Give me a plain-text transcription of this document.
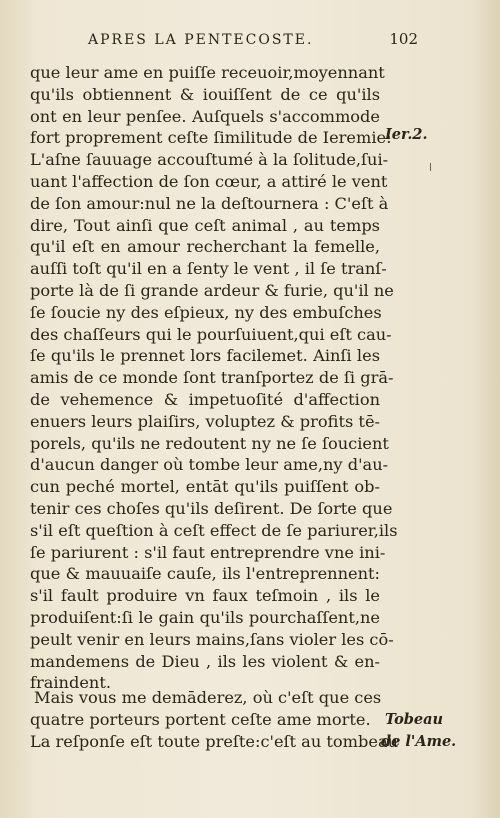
APRES LA PENTECOSTE.	102
que leur ame en puiſſe receuoir,moyennant
qu'ils obtiennent & iouiſſent de ce qu'ils
ont en leur penſee. Auſquels s'accommode
fort proprement ceſte ſimilitude de Ieremie:
L'aſne ſauuage accouſtumé à la ſolitude,ſui-
uant l'affection de ſon cœur, a attiré le vent
de ſon amour:nul ne la deſtournera : C'eſt à
dire, Tout ainſi que ceſt animal , au temps
qu'il eſt en amour recherchant la femelle,
auſſi toſt qu'il en a ſenty le vent , il ſe tranſ-
porte là de ſi grande ardeur & furie, qu'il ne
ſe ſoucie ny des eſpieux, ny des embuſches
des chaſſeurs qui le pourſuiuent,qui eſt cau-
ſe qu'ils le prennet lors facilemet. Ainſi les
amis de ce monde ſont tranſportez de ſi grā-
de vehemence & impetuoſité d'affection
enuers leurs plaiſirs, voluptez & profits tē-
porels, qu'ils ne redoutent ny ne ſe ſoucient
d'aucun danger où tombe leur ame,ny d'au-
cun peché mortel, entāt qu'ils puiſſent ob-
tenir ces choſes qu'ils deſirent. De ſorte que
s'il eſt queſtion à ceſt effect de ſe pariurer,ils
ſe pariurent : s'il faut entreprendre vne ini-
que & mauuaiſe cauſe, ils l'entreprennent:
s'il fault produire vn faux teſmoin , ils le
produiſent:ſi le gain qu'ils pourchaſſent,ne
peult venir en leurs mains,ſans violer les cō-
mandemens de Dieu , ils les violent & en-
fraindent.
Mais vous me demāderez, où c'eſt que ces
quatre porteurs portent ceſte ame morte.
La reſponſe eſt toute preſte:c'eſt au tombeau
Ier.2.
Tobeau
de l'Ame.
